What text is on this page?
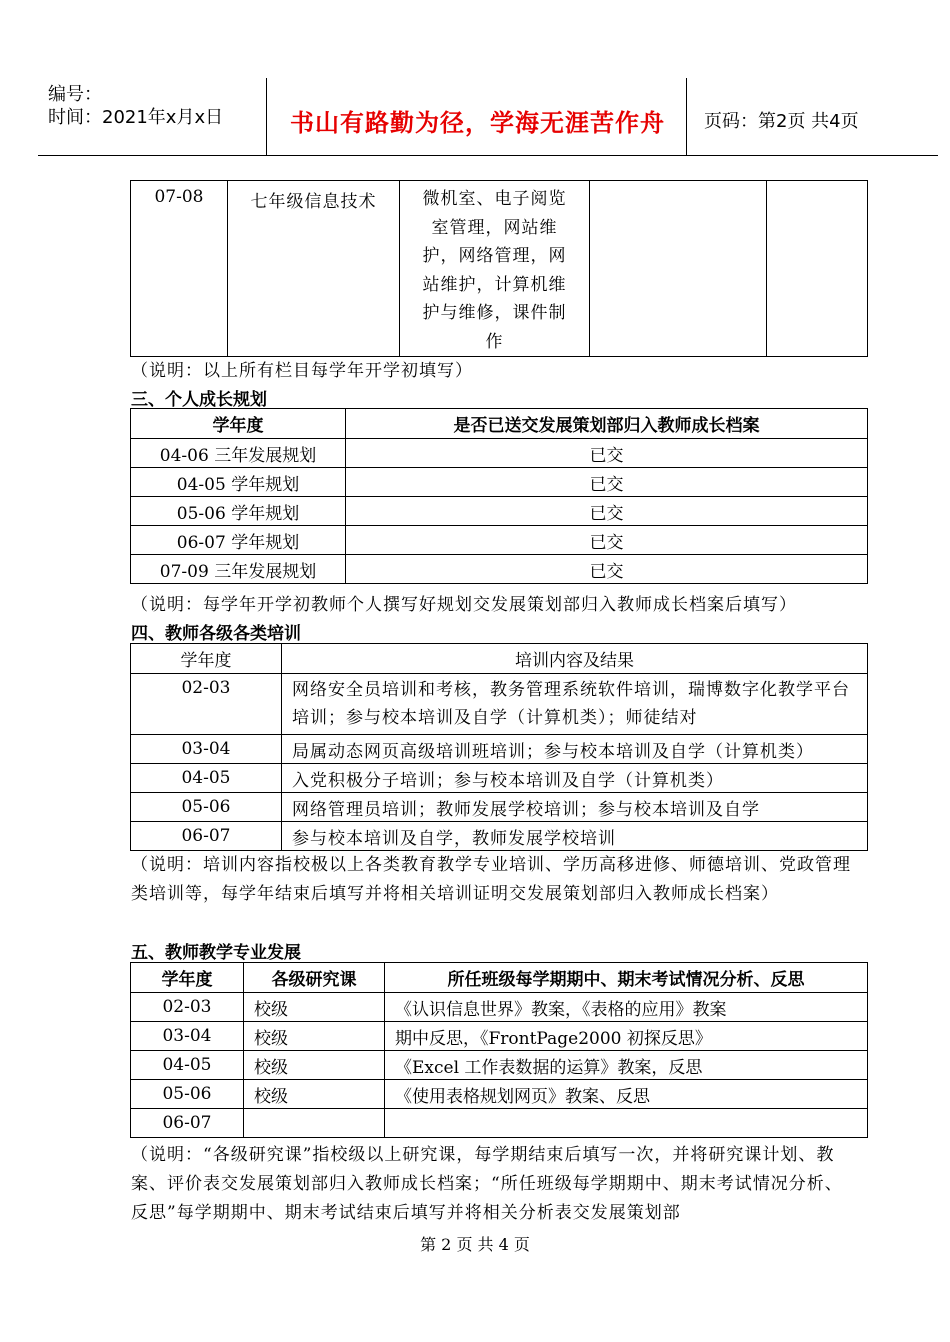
编号：
时间：2021年x月x日	书山有路勤为径，学海无涯苦作舟 页码：第2页 共4页
07-08	七年级信息技术	微机室、电子阅览
室管理，网站维
护，网络管理，网
站维护，计算机维
护与维修，课件制
作

（说明：以上所有栏目每学年开学初填写）
三、个人成长规划
学年度	是否已送交发展策划部归入教师成长档案
04-06 三年发展规划	已交
04-05 学年规划	已交
05-06 学年规划	已交
06-07 学年规划	已交
07-09 三年发展规划	已交
（说明：每学年开学初教师个人撰写好规划交发展策划部归入教师成长档案后填写）
四、教师各级各类培训
学年度	培训内容及结果
02-03	网络安全员培训和考核，教务管理系统软件培训，瑞博数字化教学平台培训；参与校本培训及自学（计算机类）；师徒结对
03-04	局属动态网页高级培训班培训；参与校本培训及自学（计算机类）
04-05	入党积极分子培训；参与校本培训及自学（计算机类）
05-06	网络管理员培训；教师发展学校培训；参与校本培训及自学
06-07	参与校本培训及自学，教师发展学校培训
（说明：培训内容指校极以上各类教育教学专业培训、学历高移进修、师德培训、党政管理类培训等，每学年结束后填写并将相关培训证明交发展策划部归入教师成长档案）
五、教师教学专业发展
学年度	各级研究课	所任班级每学期期中、期末考试情况分析、反思
02-03	校级	《认识信息世界》教案，《表格的应用》教案
03-04	校级	期中反思，《FrontPage2000 初探反思》
04-05	校级	《Excel 工作表数据的运算》教案，反思
05-06	校级	《使用表格规划网页》教案、反思
06-07		
（说明：“各级研究课”指校级以上研究课，每学期结束后填写一次，并将研究课计划、教案、评价表交发展策划部归入教师成长档案；“所任班级每学期期中、期末考试情况分析、反思”每学期期中、期末考试结束后填写并将相关分析表交发展策划部
第 2 页 共 4 页
